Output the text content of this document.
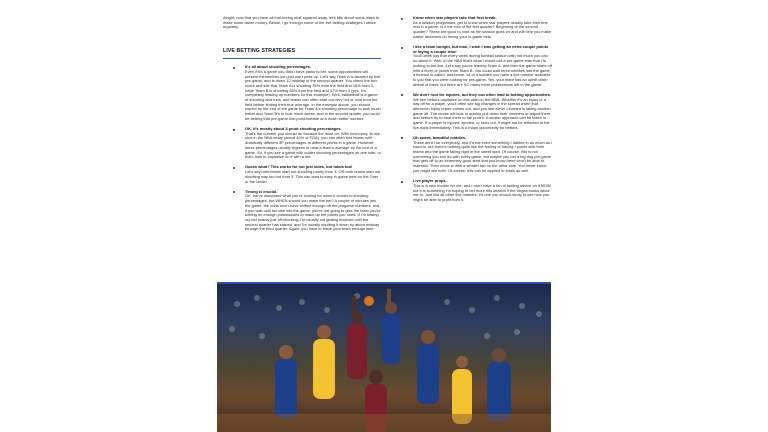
Alright, now that you have all that boring stuff squared away, let's talk about some ways to make some damn money. Below, I go through some of the live betting strategies I utilize regularly.

LIVE BETTING STRATEGIES
It's all about shooting percentages.
Even if it's a game you didn't have plans to bet, some opportunities will present themselves you just can't pass up. Let's say Team A is favored by five pre-game, and is down 12 midway of the second quarter. You check the box score and see that Team A is shooting 39% from the field and 18% from 3, while Team B is shooting 53% from the field and 47% from 3 (yes, I'm completely making up numbers for this example). Well, basketball is a game of shooting and runs, and teams can often start out very hot or cold from the field before finding their true average. In the example above, you should expect by the end of the game for Team A's shooting percentage to look much better and Team B's to look much worse, and in the second quarter you could be betting that pre-game five-point-favorite at a much better number.
OK, it's mostly about 3-point shooting percentages.
That's the number you should be focused the most on. With how many 3s are shot in the NBA today (about 40% of FGA), you can often find teams with drastically different 3P percentages at different points in a game. However, these percentages usually regress to near a team's average by the end of a game. So, if you see a game with outlier shooting percentages on one side, or both, look to capitalize on it with a bet.
Guess what? This works for not just sides, but totals too!
Let's say both teams start out shooting poorly from 3. OR both teams start out shooting way too hot from 3. This can lead to easy in-game bets on the Over or the Under.
Timing is crucial.
OK, we've discussed what you're looking for when it comes to shooting percentages, but WHEN should you make the bet? A couple of minutes into the game, the odds won't have shifted enough off the pregame numbers, and if you wait until too late into the game, you're not going to give the team you're betting on enough possessions to make up the points you need. If I'm basing my bet mainly just off shooting, I'm usually not getting involved until the second quarter has started, and I'm usually shutting it down by about midway through the third quarter. Again, you have to leave your team enough time.
Know when star players take that first break.
As a season progresses, get to know when star players usually take their first rest in a game. Is it the end of the first quarter? Beginning of the second quarter? These are good to note as the season goes on and will help you make easier decisions on timing your in-game bets.
I like a team tonight, but man, I wish I was getting an extra couple points or laying a couple less!
You'll often say that every week during football season with not much you can do about it. Well, in the NBA that's what I would call a pre-game lean that I'm looking to bet live. Let's say you're leaning Team A, and then the game starts off with a flurry of points from Team B. You could wait three minutes into the game, a timeout is called, and boom, all of a sudden you have a live number available to you that you were looking for pre-game. Yes, your team has an uphill climb ahead of them, but there are SO many more possessions left in the game.
We don't root for injuries, but they can often lead to betting opportunities.
We see bettors capitalize on this often in the NBA. Whether it's an injury or a day off for a player, you'll often see big changes in the spread when that afternoon injury report comes out, and you see Kevin Leonard is taking another game off. The books will look to quickly pull down their numbers or adjust them, and bettors try to beat them to the punch. A similar approach can be taken in-game. If a player is injured, ejected, or fouls out, it might not be reflected in the live odds immediately. This is a major opportunity for bettors.
Oh sweet, beautiful middles.
These aren't for everybody, and it's not even something I dabble in as much as I used to, but there's nothing quite like the feeling of having +points with both teams and the game falling right in the sweet spot. Of course, this is not something you can do with every game, but maybe you bet a big dog pre-game that gets off to an extremely good start that you know there won't be able to maintain. Then come in with a smaller bet on the other side. You never know; you might win both. Of course, this can be applied to totals as well.
Live player props.
This is a new frontier for me, and I don't have a ton of betting advice on it NOW, but it is something I'm hoping to bet more this season if the Vegas books allow me to. Just like all other live markets, it's one you should study to see how you might be able to profit from it.
